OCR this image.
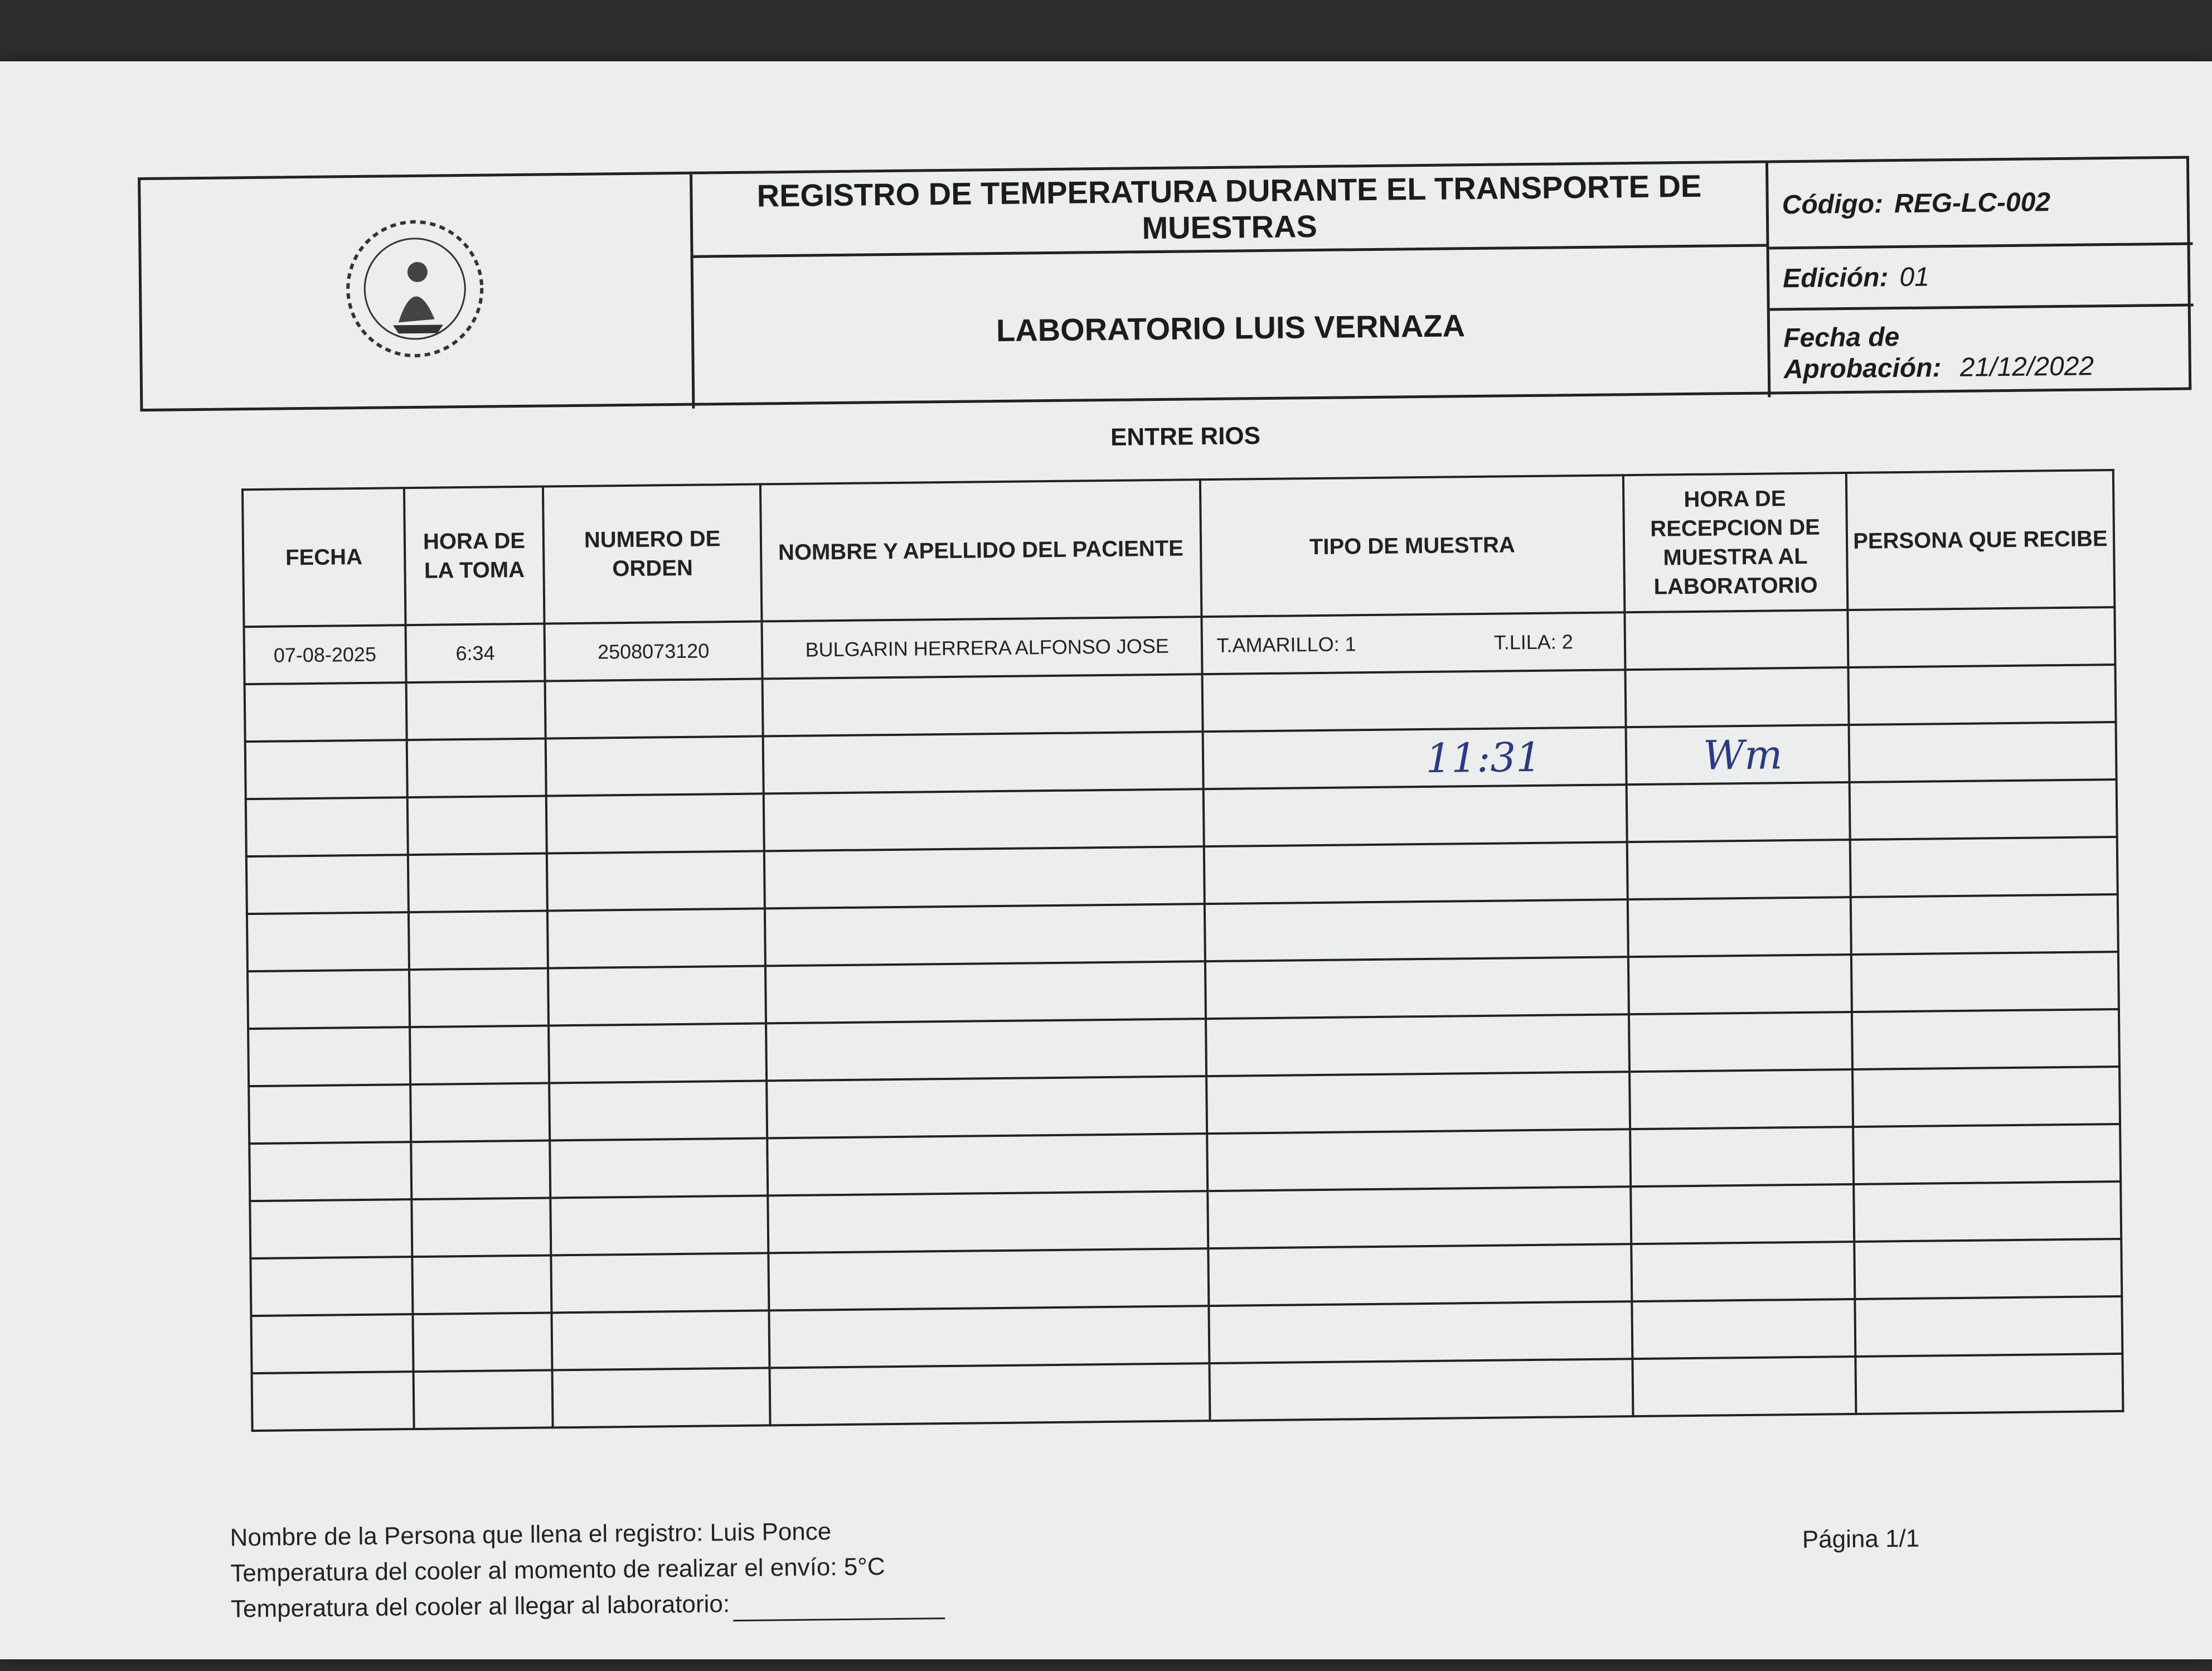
REGISTRO DE TEMPERATURA DURANTE EL TRANSPORTE DE MUESTRAS
LABORATORIO LUIS VERNAZA
Código: REG-LC-002
Edición: 01
Fecha de
Aprobación: 21/12/2022
ENTRE RIOS
FECHA	HORA DE LA TOMA	NUMERO DE ORDEN	NOMBRE Y APELLIDO DEL PACIENTE	TIPO DE MUESTRA	HORA DE RECEPCION DE MUESTRA AL LABORATORIO	PERSONA QUE RECIBE
07-08-2025	6:34	2508073120	BULGARIN HERRERA ALFONSO JOSE	T.AMARILLO: 1 T.LILA: 2		

				11:31	Wm	

Nombre de la Persona que llena el registro: Luis Ponce
Temperatura del cooler al momento de realizar el envío: 5°C
Temperatura del cooler al llegar al laboratorio:
Página 1/1
